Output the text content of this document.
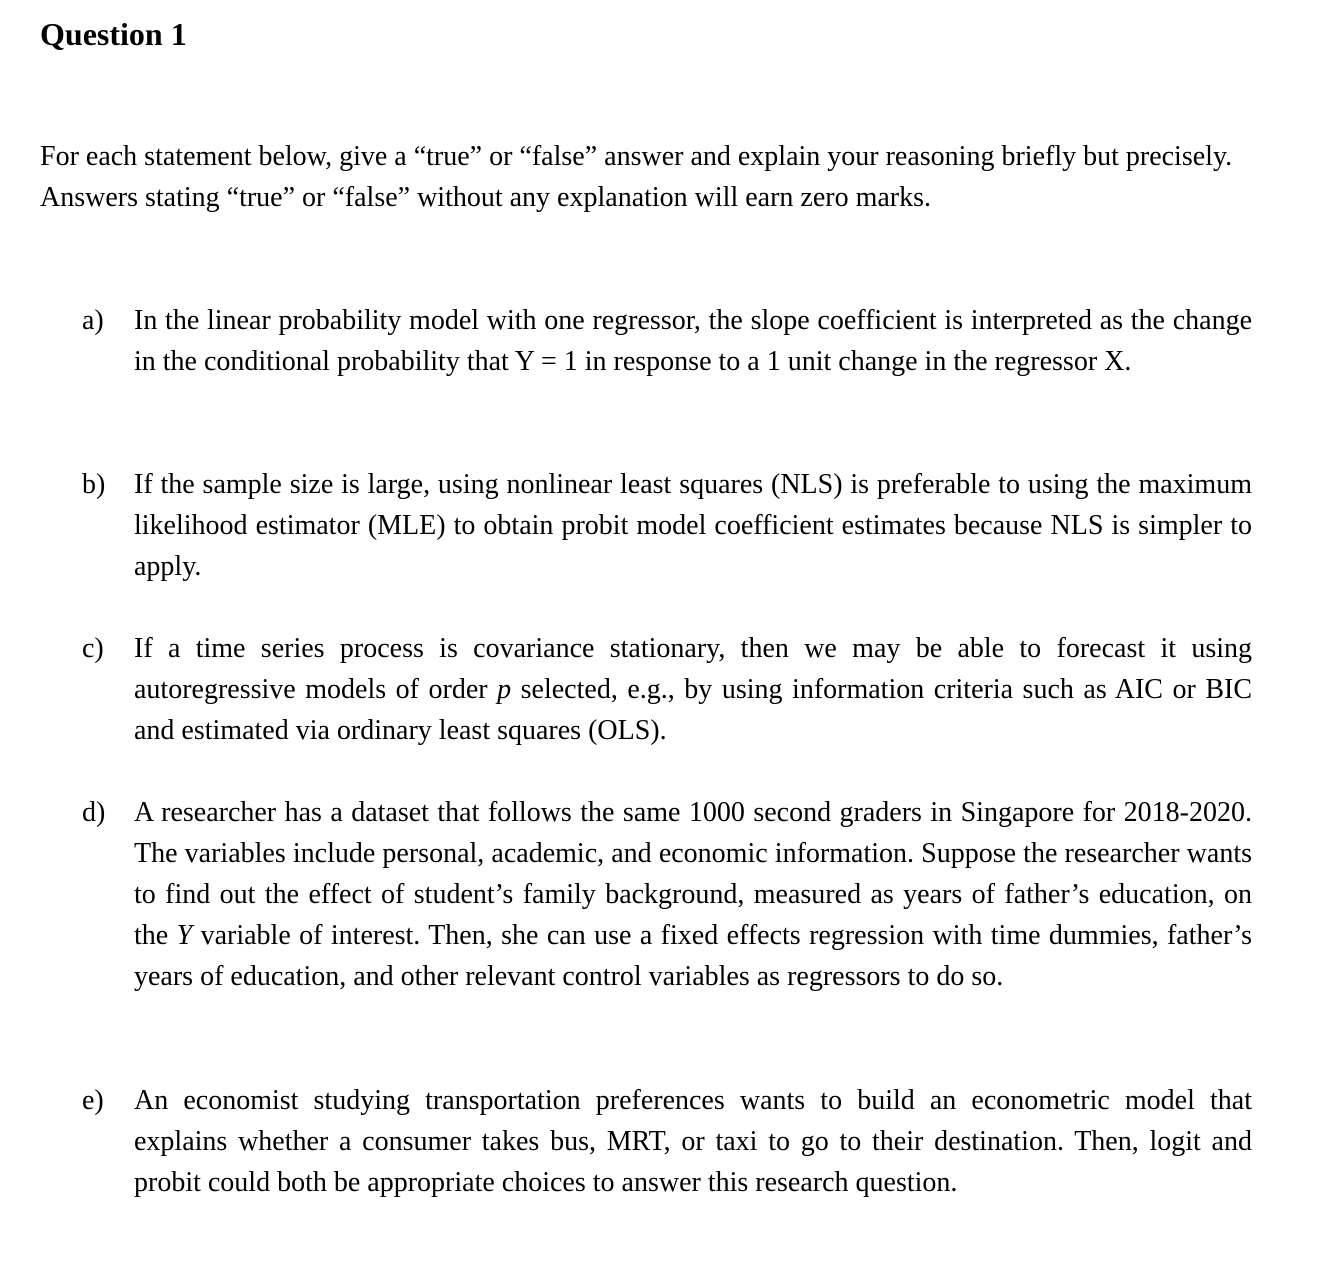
Question 1

For each statement below, give a “true” or “false” answer and explain your reasoning briefly but precisely. Answers stating “true” or “false” without any explanation will earn zero marks.

a)	In the linear probability model with one regressor, the slope coefficient is interpreted as the change in the conditional probability that Y = 1 in response to a 1 unit change in the regressor X.
b)	If the sample size is large, using nonlinear least squares (NLS) is preferable to using the maximum likelihood estimator (MLE) to obtain probit model coefficient estimates because NLS is simpler to apply.
c)	If a time series process is covariance stationary, then we may be able to forecast it using autoregressive models of order p selected, e.g., by using information criteria such as AIC or BIC and estimated via ordinary least squares (OLS).
d)	A researcher has a dataset that follows the same 1000 second graders in Singapore for 2018-2020. The variables include personal, academic, and economic information. Suppose the researcher wants to find out the effect of student’s family background, measured as years of father’s education, on the Y variable of interest. Then, she can use a fixed effects regression with time dummies, father’s years of education, and other relevant control variables as regressors to do so.
e)	An economist studying transportation preferences wants to build an econometric model that explains whether a consumer takes bus, MRT, or taxi to go to their destination. Then, logit and probit could both be appropriate choices to answer this research question.
